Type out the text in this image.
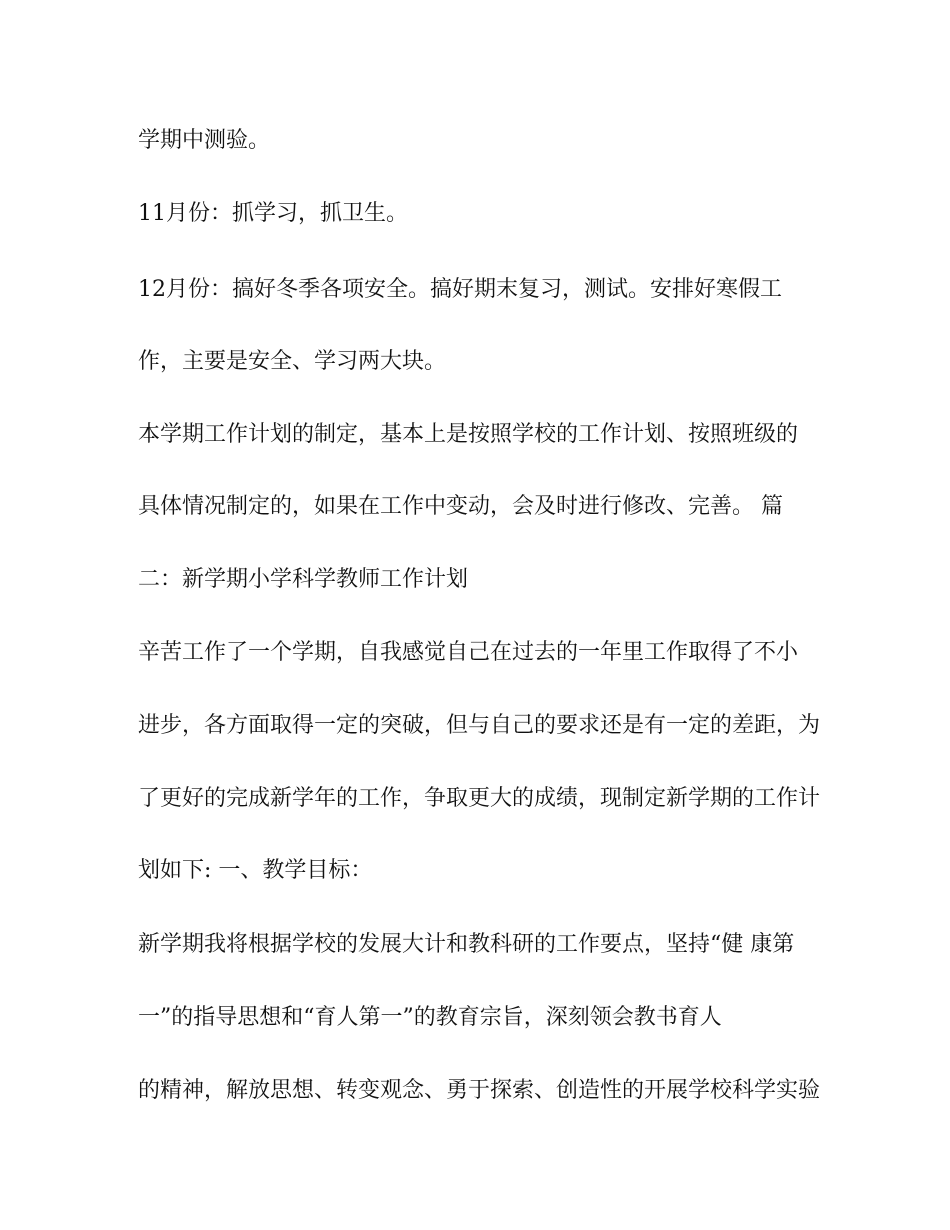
学期中测验。
11月份：抓学习，抓卫生。
12月份：搞好冬季各项安全。搞好期末复习，测试。安排好寒假工
作，主要是安全、学习两大块。
本学期工作计划的制定，基本上是按照学校的工作计划、按照班级的
具体情况制定的，如果在工作中变动，会及时进行修改、完善。 篇
二：新学期小学科学教师工作计划
辛苦工作了一个学期，自我感觉自己在过去的一年里工作取得了不小
进步，各方面取得一定的突破，但与自己的要求还是有一定的差距，为
了更好的完成新学年的工作，争取更大的成绩，现制定新学期的工作计
划如下: 一、教学目标：
新学期我将根据学校的发展大计和教科研的工作要点，坚持“健 康第
一”的指导思想和“育人第一”的教育宗旨，深刻领会教书育人
的精神，解放思想、转变观念、勇于探索、创造性的开展学校科学实验
